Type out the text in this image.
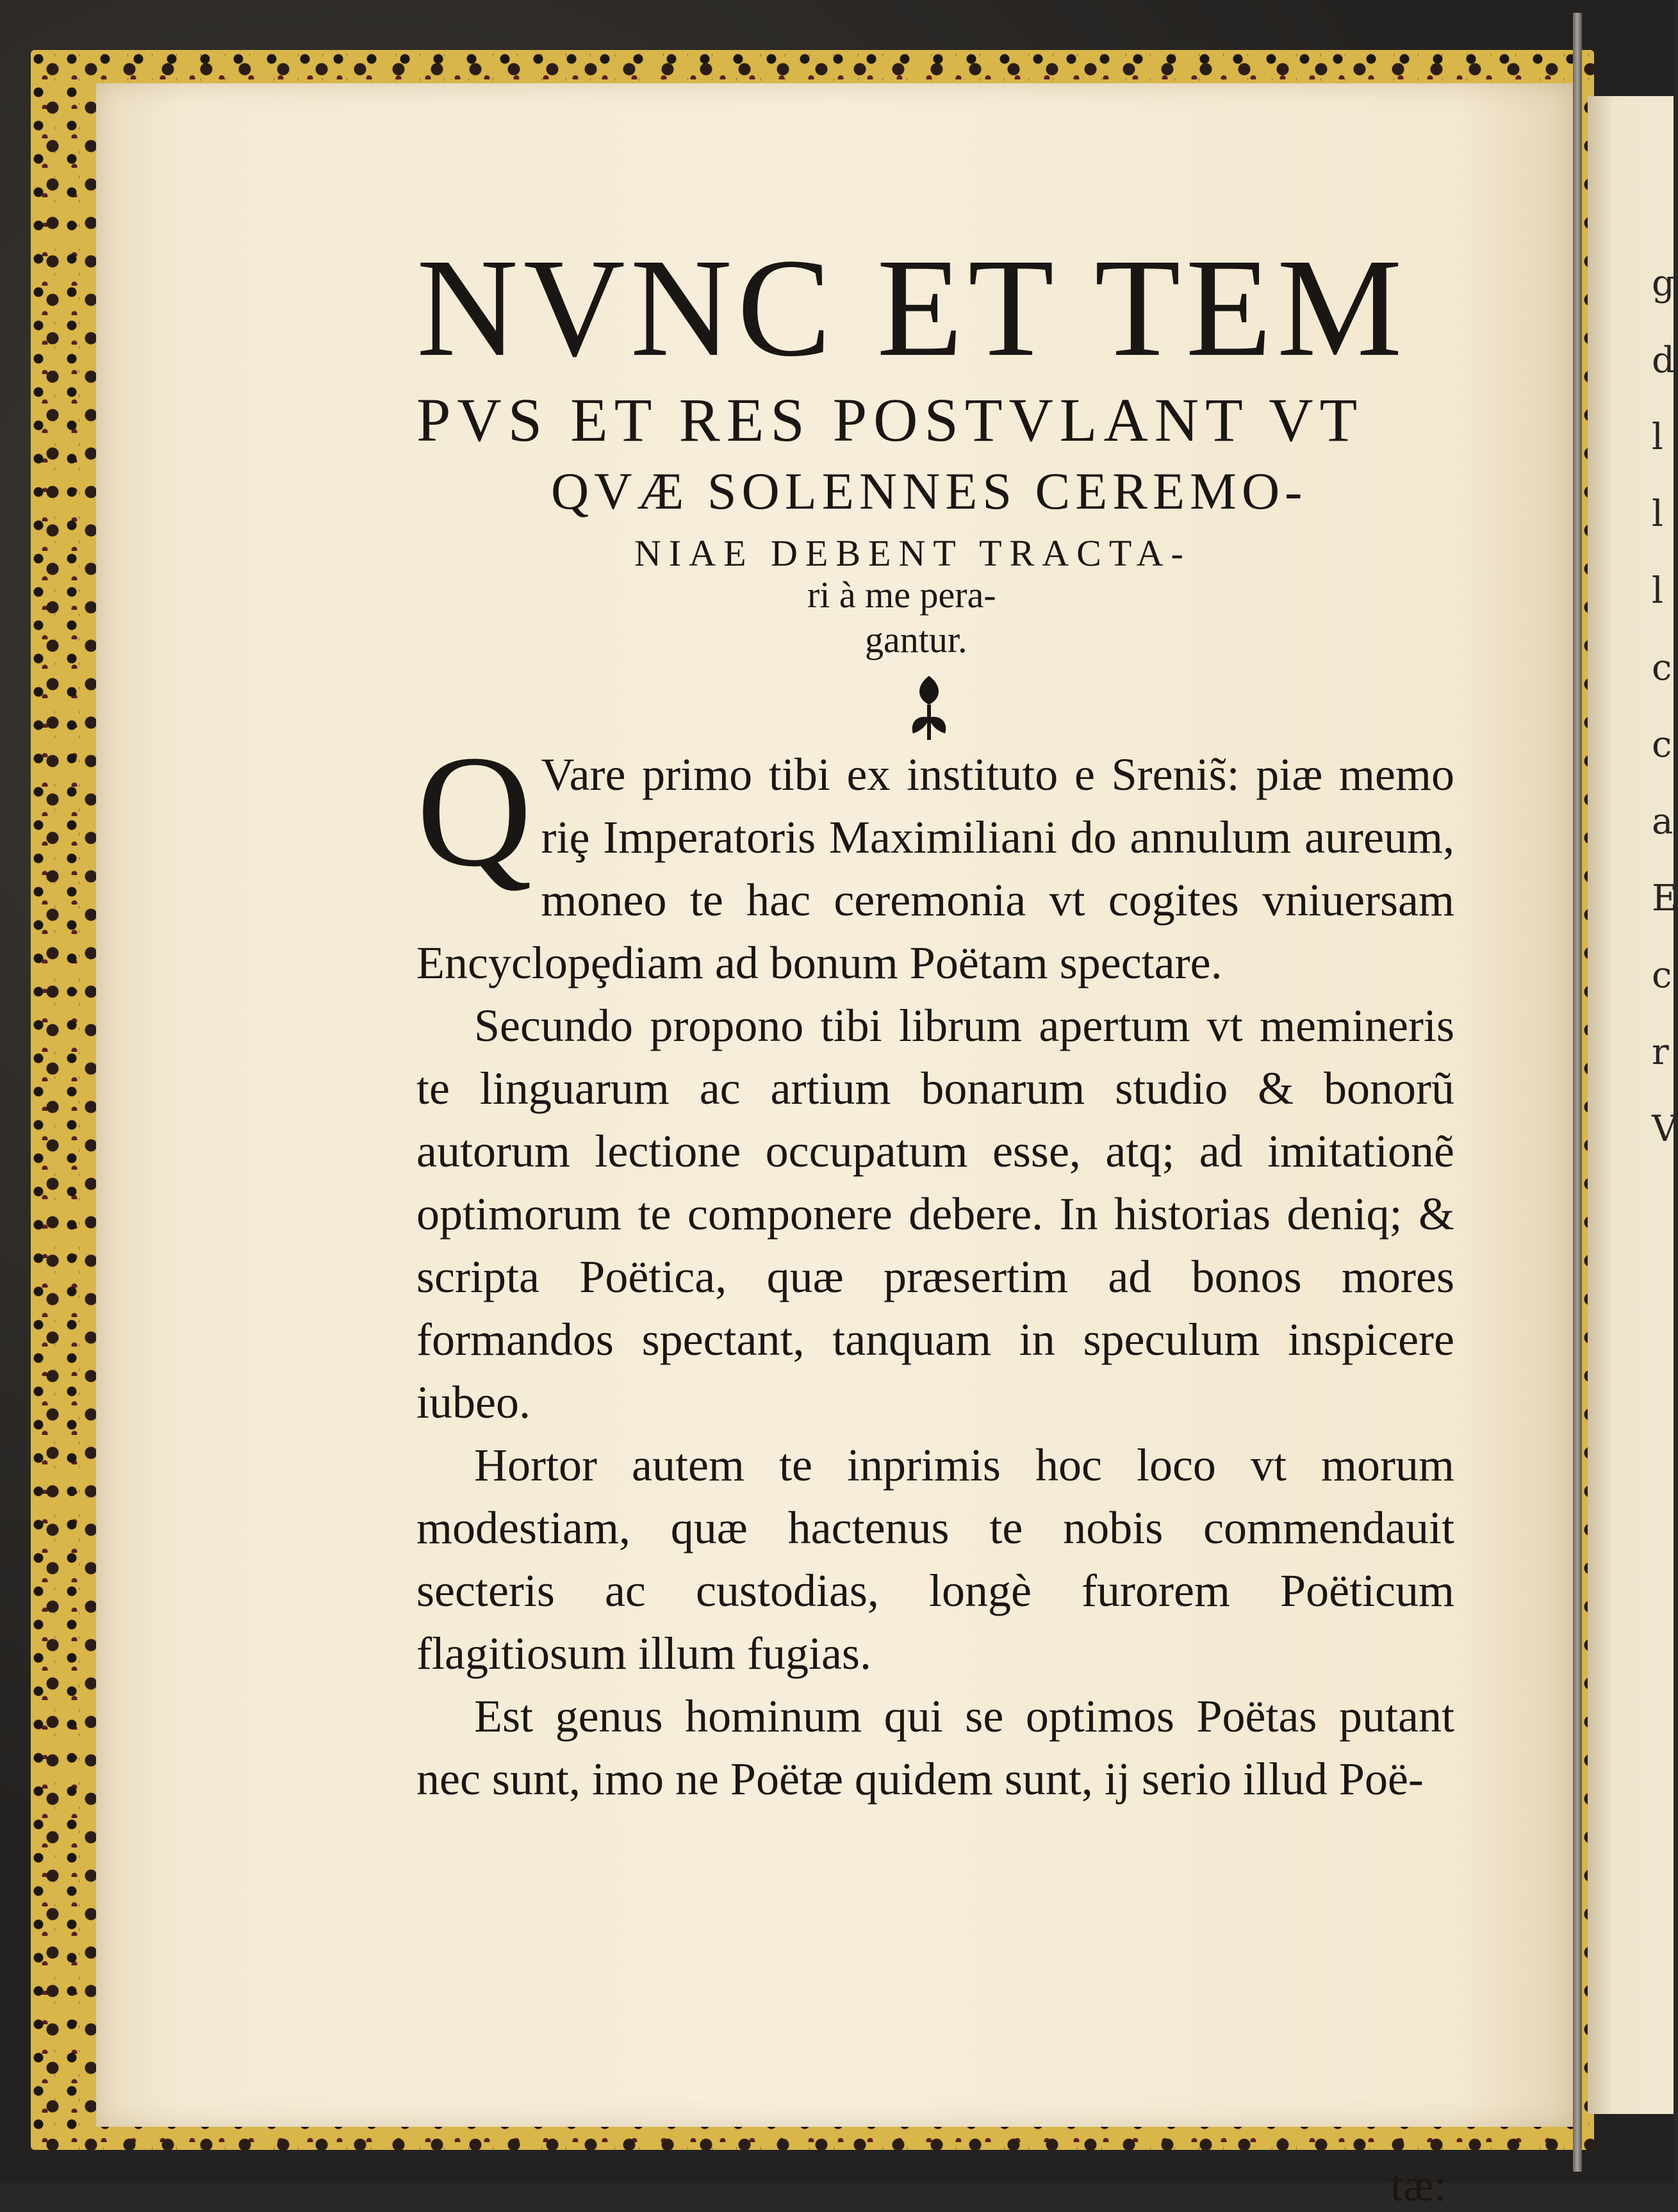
g
d
l
l
l
c
c
a
E
c
r
V
NVNC ET TEM
PVS ET RES POSTVLANT VT
QVÆ SOLENNES CEREMO-
NIAE DEBENT TRACTA-
ri à me pera-
gantur.

Q Vare primo tibi ex instituto e Srenis̃: piæ memo riȩ Imperatoris Maximiliani do annulum aureum, moneo te hac ceremonia vt cogites vniuersam Encyclopȩdiam ad bonum Poëtam spectare.

Secundo propono tibi librum apertum vt memineris te linguarum ac artium bonarum studio & bonorũ autorum lectione occupatum esse, atq; ad imitationẽ optimorum te componere debere. In historias deniq; & scripta Poëtica, quæ præsertim ad bonos mores formandos spectant, tanquam in speculum inspicere iubeo.

Hortor autem te inprimis hoc loco vt morum modestiam, quæ hactenus te nobis commendauit secteris ac custodias, longè furorem Poëticum flagitiosum illum fugias.

Est genus hominum qui se optimos Poëtas putant nec sunt, imo ne Poëtæ quidem sunt, ij serio illud Poë-

tæ:
